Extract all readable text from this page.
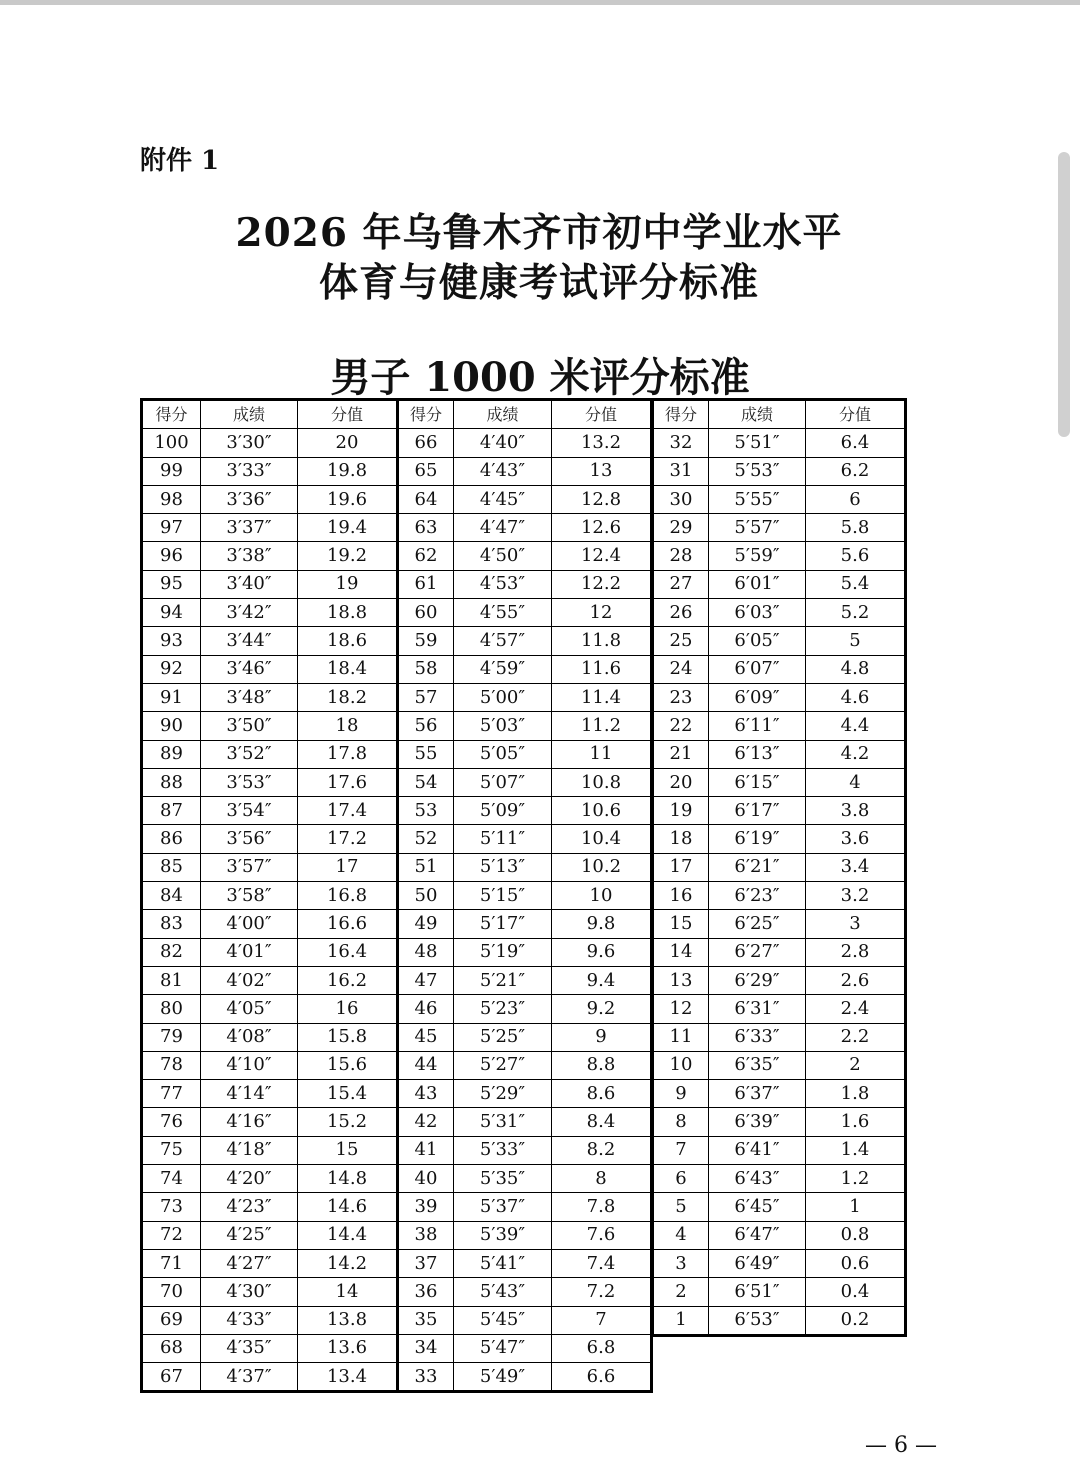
附件 1
2026 年乌鲁木齐市初中学业水平
体育与健康考试评分标准
男子 1000 米评分标准
得分	成绩	分值	得分	成绩	分值
100	3′30″	20	66	4′40″	13.2
99	3′33″	19.8	65	4′43″	13
98	3′36″	19.6	64	4′45″	12.8
97	3′37″	19.4	63	4′47″	12.6
96	3′38″	19.2	62	4′50″	12.4
95	3′40″	19	61	4′53″	12.2
94	3′42″	18.8	60	4′55″	12
93	3′44″	18.6	59	4′57″	11.8
92	3′46″	18.4	58	4′59″	11.6
91	3′48″	18.2	57	5′00″	11.4
90	3′50″	18	56	5′03″	11.2
89	3′52″	17.8	55	5′05″	11
88	3′53″	17.6	54	5′07″	10.8
87	3′54″	17.4	53	5′09″	10.6
86	3′56″	17.2	52	5′11″	10.4
85	3′57″	17	51	5′13″	10.2
84	3′58″	16.8	50	5′15″	10
83	4′00″	16.6	49	5′17″	9.8
82	4′01″	16.4	48	5′19″	9.6
81	4′02″	16.2	47	5′21″	9.4
80	4′05″	16	46	5′23″	9.2
79	4′08″	15.8	45	5′25″	9
78	4′10″	15.6	44	5′27″	8.8
77	4′14″	15.4	43	5′29″	8.6
76	4′16″	15.2	42	5′31″	8.4
75	4′18″	15	41	5′33″	8.2
74	4′20″	14.8	40	5′35″	8
73	4′23″	14.6	39	5′37″	7.8
72	4′25″	14.4	38	5′39″	7.6
71	4′27″	14.2	37	5′41″	7.4
70	4′30″	14	36	5′43″	7.2
69	4′33″	13.8	35	5′45″	7
68	4′35″	13.6	34	5′47″	6.8
67	4′37″	13.4	33	5′49″	6.6
得分	成绩	分值
32	5′51″	6.4
31	5′53″	6.2
30	5′55″	6
29	5′57″	5.8
28	5′59″	5.6
27	6′01″	5.4
26	6′03″	5.2
25	6′05″	5
24	6′07″	4.8
23	6′09″	4.6
22	6′11″	4.4
21	6′13″	4.2
20	6′15″	4
19	6′17″	3.8
18	6′19″	3.6
17	6′21″	3.4
16	6′23″	3.2
15	6′25″	3
14	6′27″	2.8
13	6′29″	2.6
12	6′31″	2.4
11	6′33″	2.2
10	6′35″	2
9	6′37″	1.8
8	6′39″	1.6
7	6′41″	1.4
6	6′43″	1.2
5	6′45″	1
4	6′47″	0.8
3	6′49″	0.6
2	6′51″	0.4
1	6′53″	0.2
— 6 —
